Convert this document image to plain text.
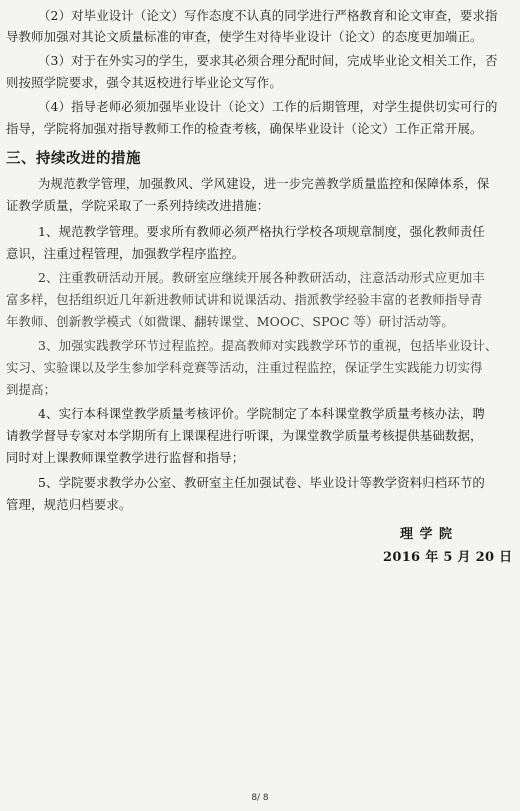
（2）对毕业设计（论文）写作态度不认真的同学进行严格教育和论文审查，要求指
导教师加强对其论文质量标准的审查，使学生对待毕业设计（论文）的态度更加端正。
（3）对于在外实习的学生，要求其必须合理分配时间，完成毕业论文相关工作，否
则按照学院要求，强令其返校进行毕业论文写作。
（4）指导老师必须加强毕业设计（论文）工作的后期管理，对学生提供切实可行的
指导，学院将加强对指导教师工作的检查考核，确保毕业设计（论文）工作正常开展。
三、持续改进的措施
为规范教学管理，加强教风、学风建设，进一步完善教学质量监控和保障体系，保
证教学质量，学院采取了一系列持续改进措施：
1、规范教学管理。要求所有教师必须严格执行学校各项规章制度，强化教师责任
意识，注重过程管理，加强教学程序监控。
2、注重教研活动开展。教研室应继续开展各种教研活动，注意活动形式应更加丰
富多样，包括组织近几年新进教师试讲和说课活动、指派教学经验丰富的老教师指导青
年教师、创新教学模式（如微课、翻转课堂、MOOC、SPOC 等）研讨活动等。
3、加强实践教学环节过程监控。提高教师对实践教学环节的重视，包括毕业设计、
实习、实验课以及学生参加学科竞赛等活动，注重过程监控，保证学生实践能力切实得
到提高；
4、实行本科课堂教学质量考核评价。学院制定了本科课堂教学质量考核办法，聘
请教学督导专家对本学期所有上课课程进行听课，为课堂教学质量考核提供基础数据，
同时对上课教师课堂教学进行监督和指导；
5、学院要求教学办公室、教研室主任加强试卷、毕业设计等教学资料归档环节的
管理，规范归档要求。
理 学 院
2016 年 5 月 20 日
8/ 8
